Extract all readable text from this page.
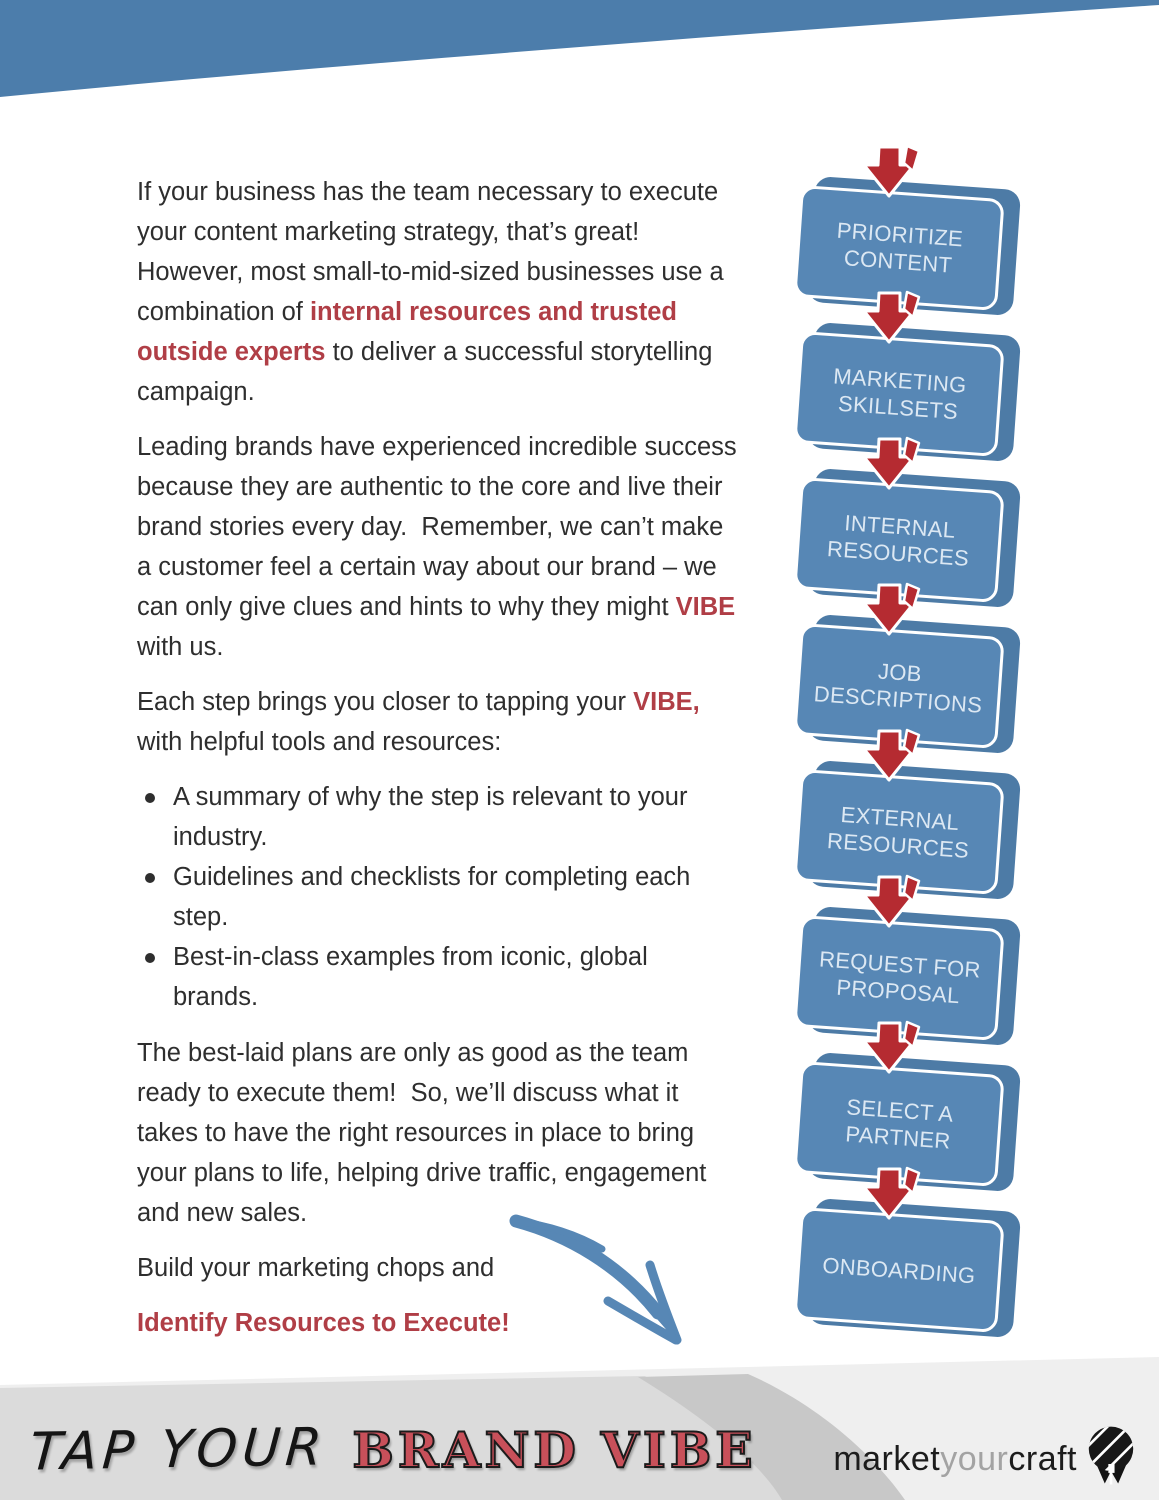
If your business has the team necessary to execute your content marketing strategy, that’s great!  However, most small-to-mid-sized businesses use a combination of internal resources and trusted outside experts to deliver a successful storytelling campaign.

Leading brands have experienced incredible success because they are authentic to the core and live their brand stories every day.  Remember, we can’t make a customer feel a certain way about our brand – we can only give clues and hints to why they might VIBE with us.

Each step brings you closer to tapping your VIBE, with helpful tools and resources:

A summary of why the step is relevant to your industry.
Guidelines and checklists for completing each step.
Best-in-class examples from iconic, global brands.

The best-laid plans are only as good as the team ready to execute them!  So, we’ll discuss what it takes to have the right resources in place to bring your plans to life, helping drive traffic, engagement and new sales.

Build your marketing chops and

Identify Resources to Execute!

PRIORITIZE CONTENT
MARKETING SKILLSETS
INTERNAL RESOURCES
JOB DESCRIPTIONS
EXTERNAL RESOURCES
REQUEST FOR PROPOSAL
SELECT A PARTNER
ONBOARDING
TAP YOUR BRAND VIBE marketyourcraft
